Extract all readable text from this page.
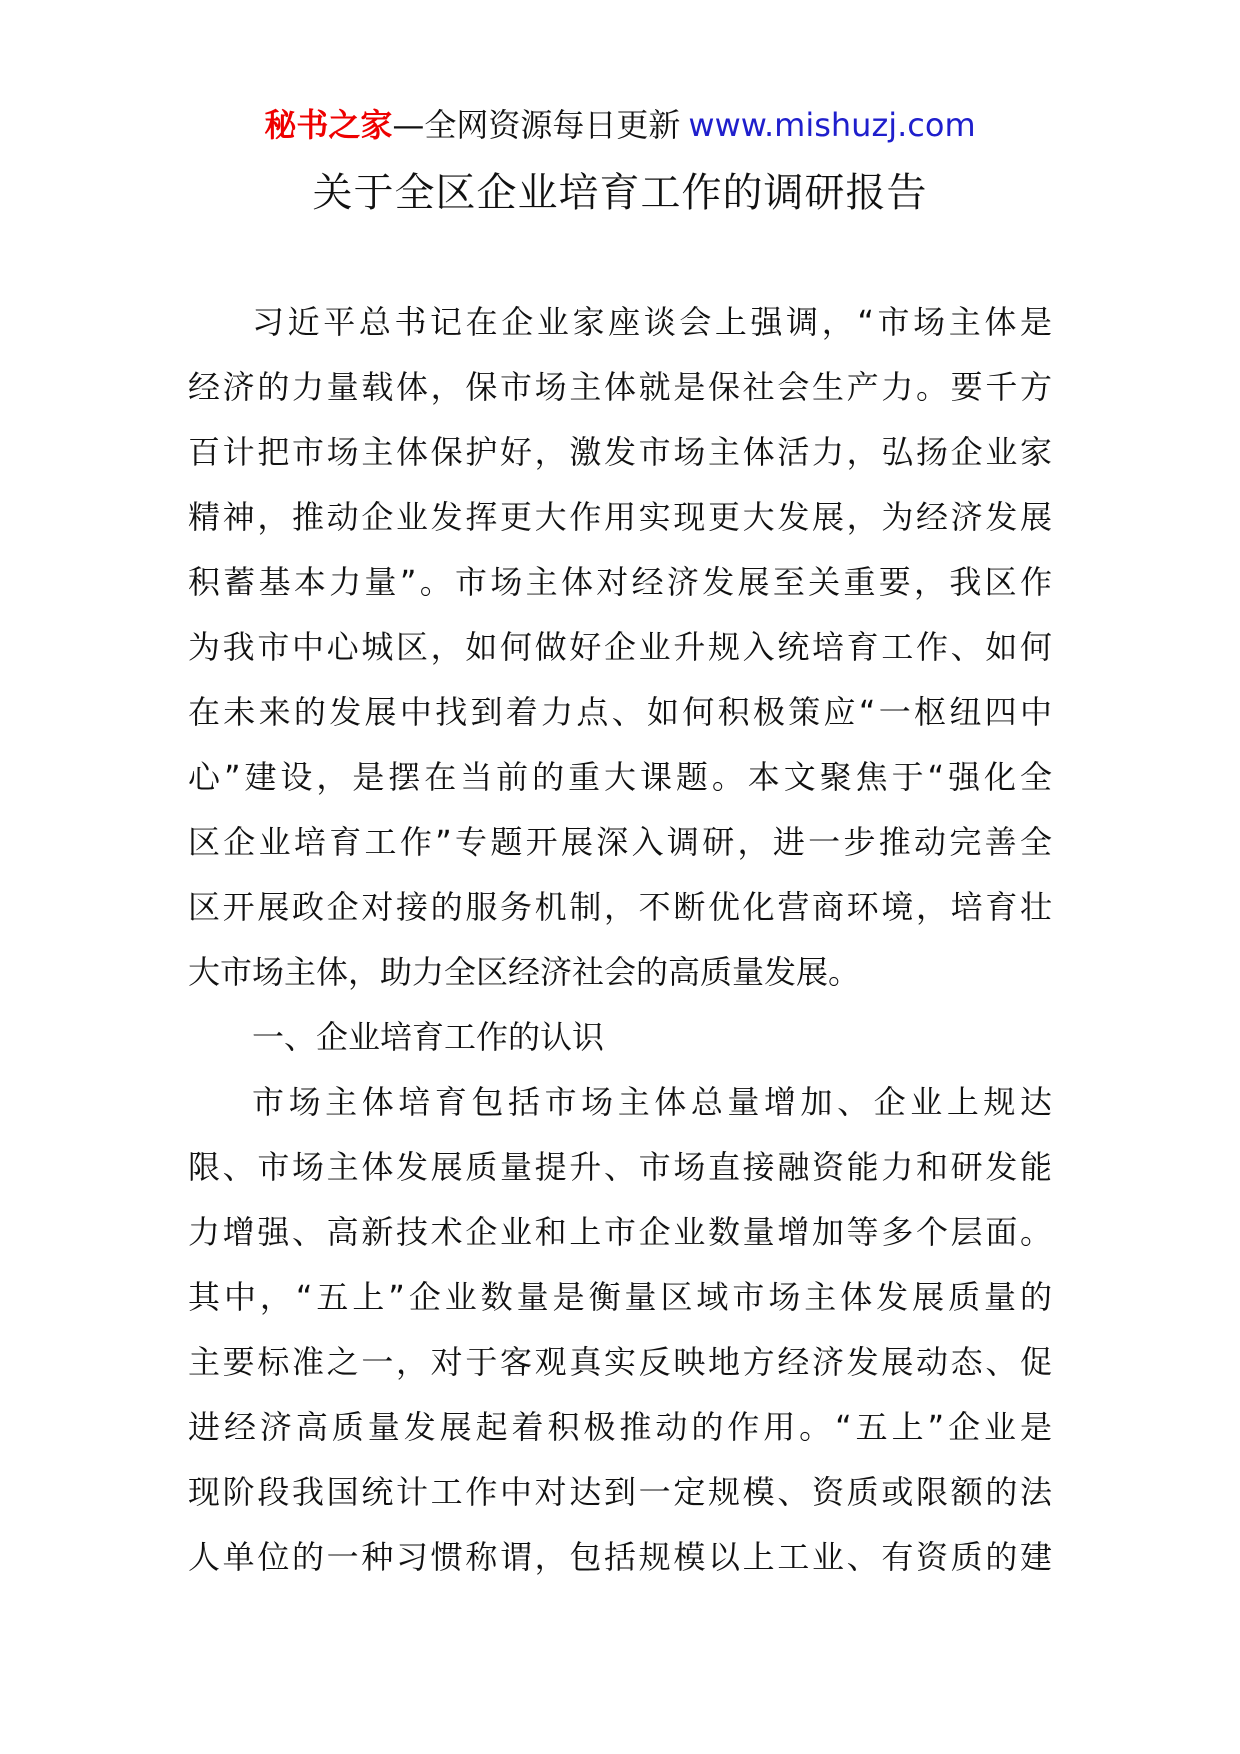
秘书之家—全网资源每日更新 www.mishuzj.com
关于全区企业培育工作的调研报告
习近平总书记在企业家座谈会上强调，“市场主体是
经济的力量载体，保市场主体就是保社会生产力。要千方
百计把市场主体保护好，激发市场主体活力，弘扬企业家
精神，推动企业发挥更大作用实现更大发展，为经济发展
积蓄基本力量”。市场主体对经济发展至关重要，我区作
为我市中心城区，如何做好企业升规入统培育工作、如何
在未来的发展中找到着力点、如何积极策应“一枢纽四中
心”建设，是摆在当前的重大课题。本文聚焦于“强化全
区企业培育工作”专题开展深入调研，进一步推动完善全
区开展政企对接的服务机制，不断优化营商环境，培育壮
大市场主体，助力全区经济社会的高质量发展。
一、企业培育工作的认识
市场主体培育包括市场主体总量增加、企业上规达
限、市场主体发展质量提升、市场直接融资能力和研发能
力增强、高新技术企业和上市企业数量增加等多个层面。
其中，“五上”企业数量是衡量区域市场主体发展质量的
主要标准之一，对于客观真实反映地方经济发展动态、促
进经济高质量发展起着积极推动的作用。“五上”企业是
现阶段我国统计工作中对达到一定规模、资质或限额的法
人单位的一种习惯称谓，包括规模以上工业、有资质的建
